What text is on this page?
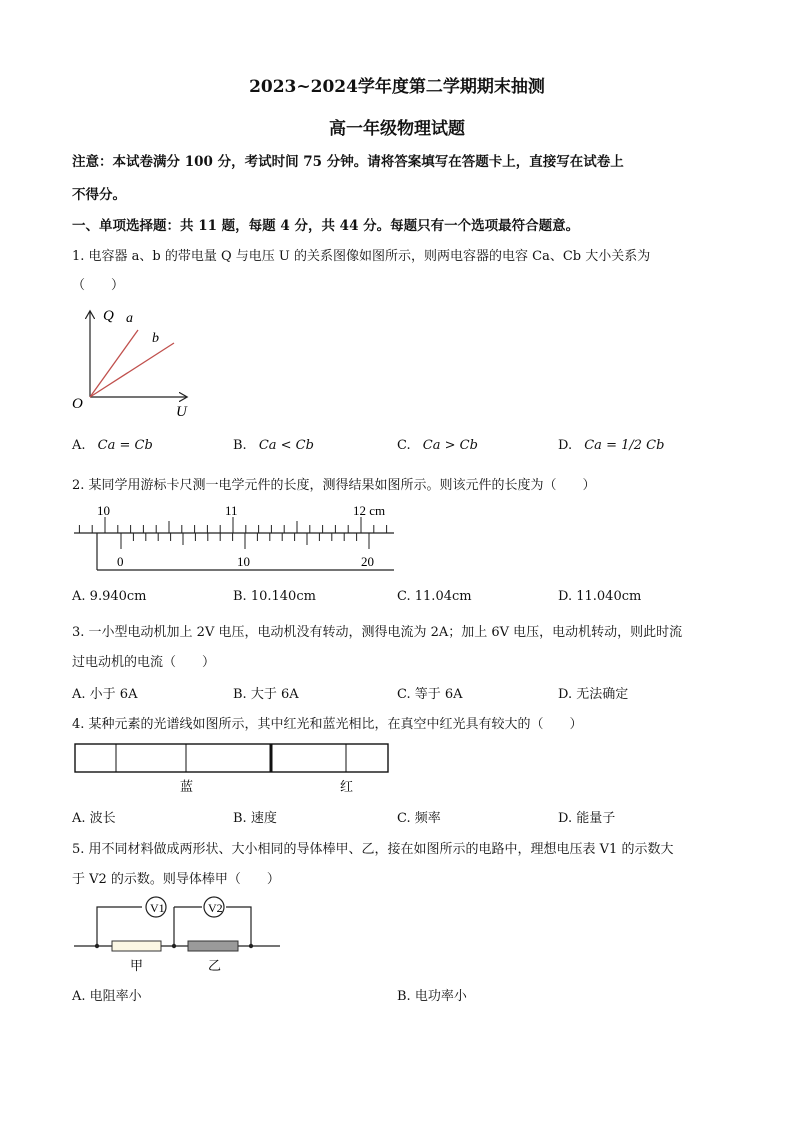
2023~2024学年度第二学期期末抽测
高一年级物理试题
注意：本试卷满分 100 分，考试时间 75 分钟。请将答案填写在答题卡上，直接写在试卷上
不得分。
一、单项选择题：共 11 题，每题 4 分，共 44 分。每题只有一个选项最符合题意。
1. 电容器 a、b 的带电量 Q 与电压 U 的关系图像如图所示，则两电容器的电容 Ca、Cb 大小关系为
（　　）
Q
U
O
a
b
A. Ca = Cb	B. Ca < Cb	C. Ca > Cb	D. Ca = 1/2 Cb
2. 某同学用游标卡尺测一电学元件的长度，测得结果如图所示。则该元件的长度为（　　）
10	11	12 cm
0	10	20
A. 9.940cm	B. 10.140cm	C. 11.04cm	D. 11.040cm
3. 一小型电动机加上 2V 电压，电动机没有转动，测得电流为 2A；加上 6V 电压，电动机转动，则此时流
过电动机的电流（　　）
A. 小于 6A	B. 大于 6A	C. 等于 6A	D. 无法确定
4. 某种元素的光谱线如图所示，其中红光和蓝光相比，在真空中红光具有较大的（　　）
蓝	红
A. 波长	B. 速度	C. 频率	D. 能量子
5. 用不同材料做成两形状、大小相同的导体棒甲、乙，接在如图所示的电路中，理想电压表 V1 的示数大
于 V2 的示数。则导体棒甲（　　）
V1	V2
甲	乙
A. 电阻率小	B. 电功率小
